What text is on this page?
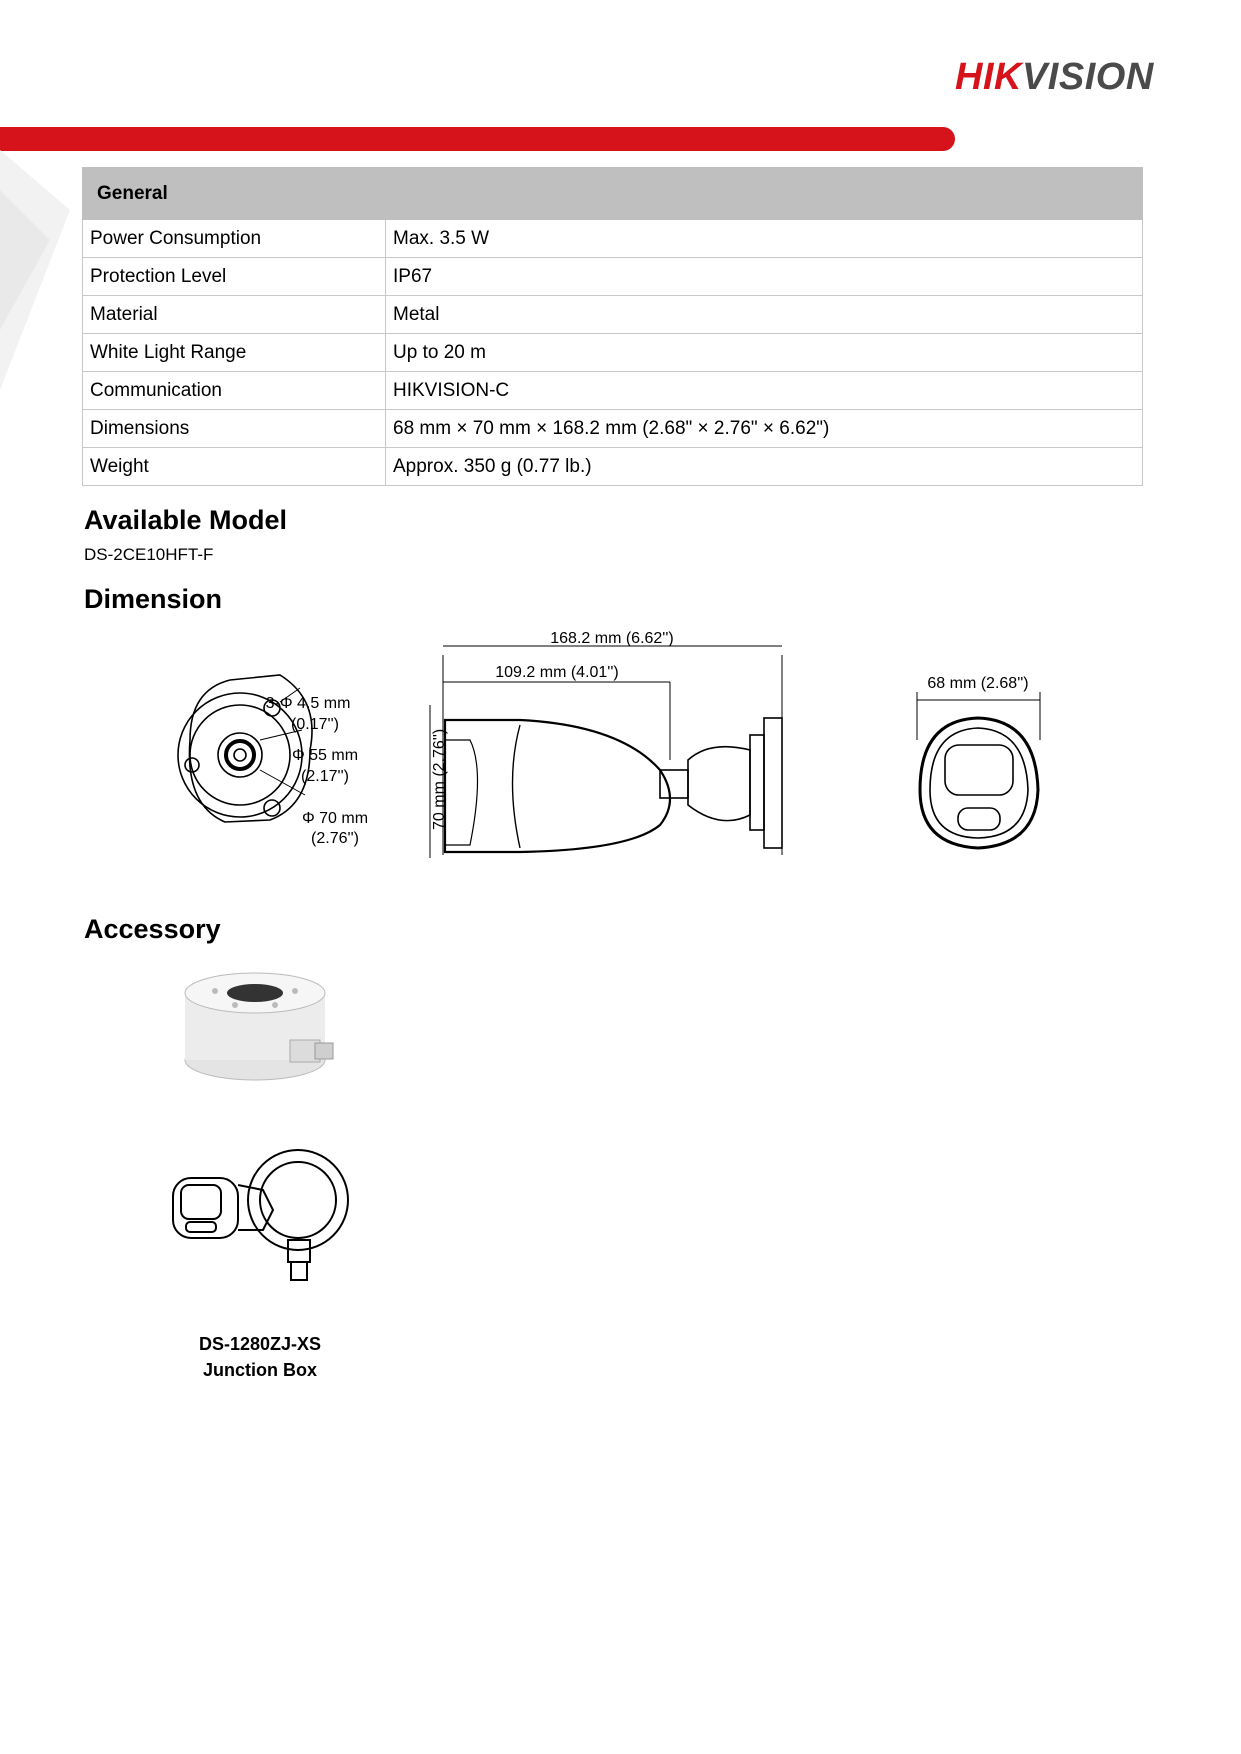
HIKVISION
General	
Power Consumption	Max. 3.5 W
Protection Level	IP67
Material	Metal
White Light Range	Up to 20 m
Communication	HIKVISION-C
Dimensions	68 mm × 70 mm × 168.2 mm (2.68" × 2.76" × 6.62")
Weight	Approx. 350 g (0.77 lb.)
Available Model
DS-2CE10HFT-F
Dimension
3-Φ 4.5 mm
(0.17'')
Φ 55 mm
(2.17'')
Φ 70 mm
(2.76'')
168.2 mm (6.62'')
109.2 mm (4.01'')
70 mm (2.76'')
68 mm (2.68'')
Accessory
DS-1280ZJ-XS
Junction Box
